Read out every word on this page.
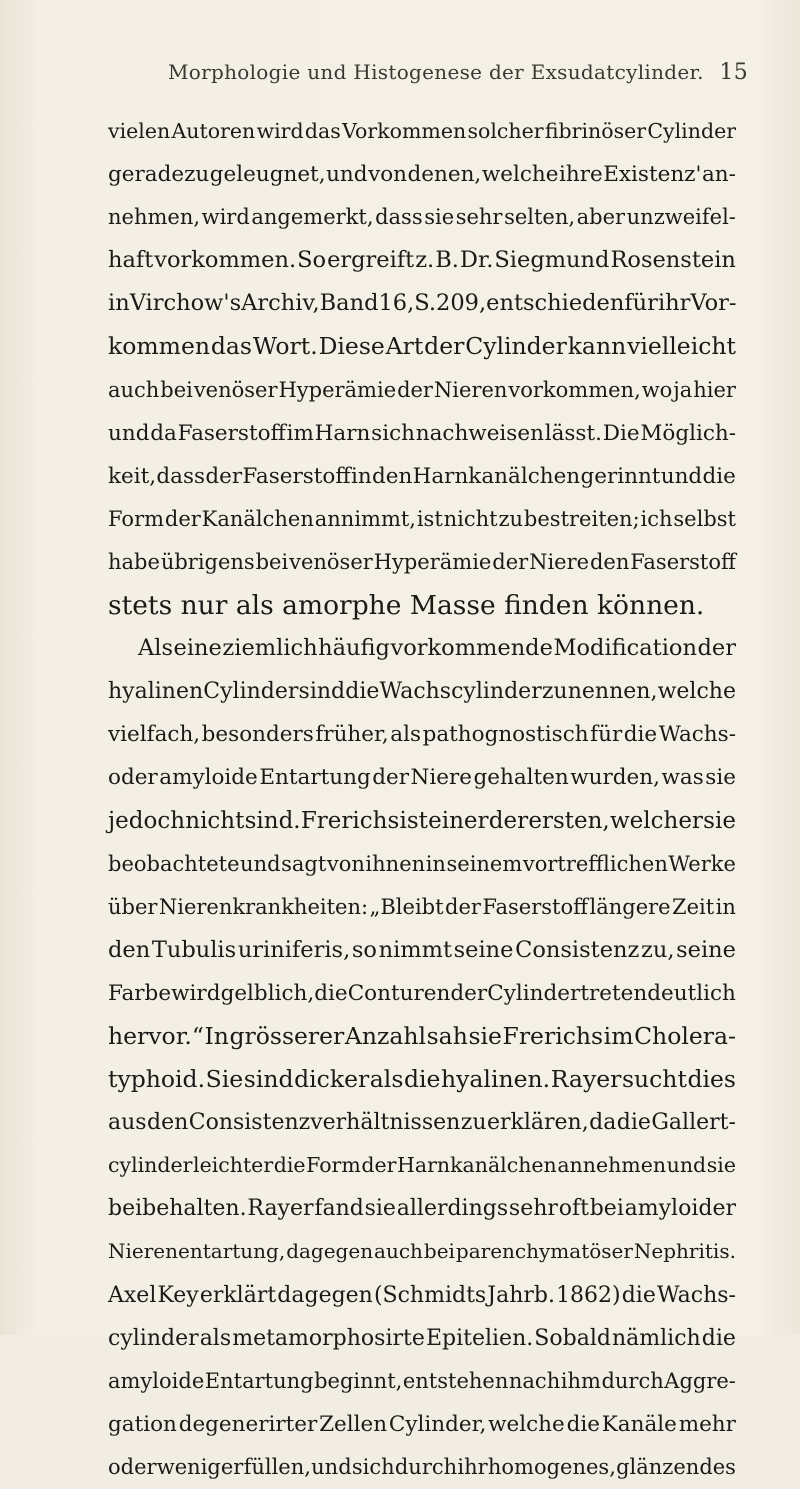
Morphologie und Histogenese der Exsudatcylinder. 15
vielen Autoren wird das Vorkommen solcher fibrinöser Cylinder
geradezu geleugnet, und von denen, welche ihre Existenz' an-
nehmen, wird angemerkt, dass sie sehr selten, aber unzweifel-
haft vorkommen. So ergreift z. B. Dr. Siegmund Rosenstein
in Virchow's Archiv, Band 16, S. 209, entschieden für ihr Vor-
kommen das Wort. Diese Art der Cylinder kann vielleicht
auch bei venöser Hyperämie der Nieren vorkommen, wo ja hier
und da Faserstoff im Harn sich nachweisen lässt. Die Möglich-
keit, dass der Faserstoff in den Harnkanälchen gerinnt und die
Form der Kanälchen annimmt, ist nicht zu bestreiten; ich selbst
habe übrigens bei venöser Hyperämie der Niere den Faserstoff
stets nur als amorphe Masse finden können.
Als eine ziemlich häufig vorkommende Modification der
hyalinen Cylinder sind die Wachscylinder zu nennen, welche
vielfach, besonders früher, als pathognostisch für die Wachs-
oder amyloide Entartung der Niere gehalten wurden, was sie
jedoch nicht sind. Frerichs ist einer der ersten, welcher sie
beobachtete und sagt von ihnen in seinem vortrefflichen Werke
über Nierenkrankheiten: „Bleibt der Faserstoff längere Zeit in
den Tubulis uriniferis, so nimmt seine Consistenz zu, seine
Farbe wird gelblich, die Conturen der Cylinder treten deutlich
hervor.“ In grösserer Anzahl sah sie Frerichs im Cholera-
typhoid. Sie sind dicker als die hyalinen. Rayer sucht dies
aus den Consistenzverhältnissen zu erklären, da die Gallert-
cylinder leichter die Form der Harnkanälchen annehmen und sie
beibehalten. Rayer fand sie allerdings sehr oft bei amyloider
Nierenentartung, dagegen auch bei parenchymatöser Nephritis.
Axel Key erklärt dagegen (Schmidts Jahrb. 1862) die Wachs-
cylinder als metamorphosirte Epitelien. Sobald nämlich die
amyloide Entartung beginnt, entstehen nach ihm durch Aggre-
gation degenerirter Zellen Cylinder, welche die Kanäle mehr
oder weniger füllen, und sich durch ihr homogenes, glänzendes
